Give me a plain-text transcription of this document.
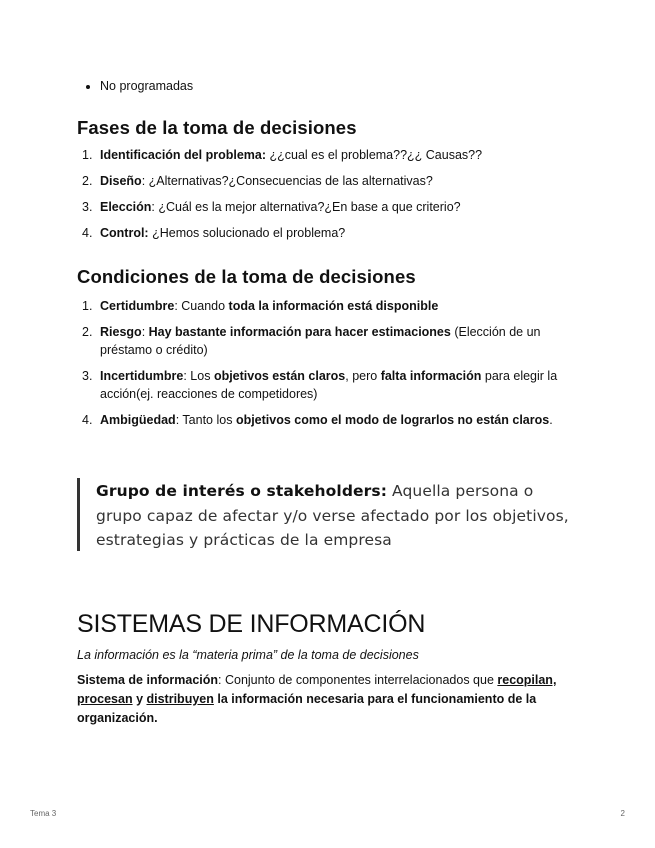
• No programadas
Fases de la toma de decisiones
1. Identificación del problema: ¿¿cual es el problema??¿¿ Causas??
2. Diseño: ¿Alternativas?¿Consecuencias de las alternativas?
3. Elección: ¿Cuál es la mejor alternativa?¿En base a que criterio?
4. Control: ¿Hemos solucionado el problema?
Condiciones de la toma de decisiones
1. Certidumbre: Cuando toda la información está disponible
2. Riesgo: Hay bastante información para hacer estimaciones (Elección de un préstamo o crédito)
3. Incertidumbre: Los objetivos están claros, pero falta información para elegir la acción(ej. reacciones de competidores)
4. Ambigüedad: Tanto los objetivos como el modo de lograrlos no están claros.
Grupo de interés o stakeholders: Aquella persona o grupo capaz de afectar y/o verse afectado por los objetivos, estrategias y prácticas de la empresa
SISTEMAS DE INFORMACIÓN

La información es la “materia prima” de la toma de decisiones

Sistema de información: Conjunto de componentes interrelacionados que recopilan, procesan y distribuyen la información necesaria para el funcionamiento de la organización.

Tema 3	2
